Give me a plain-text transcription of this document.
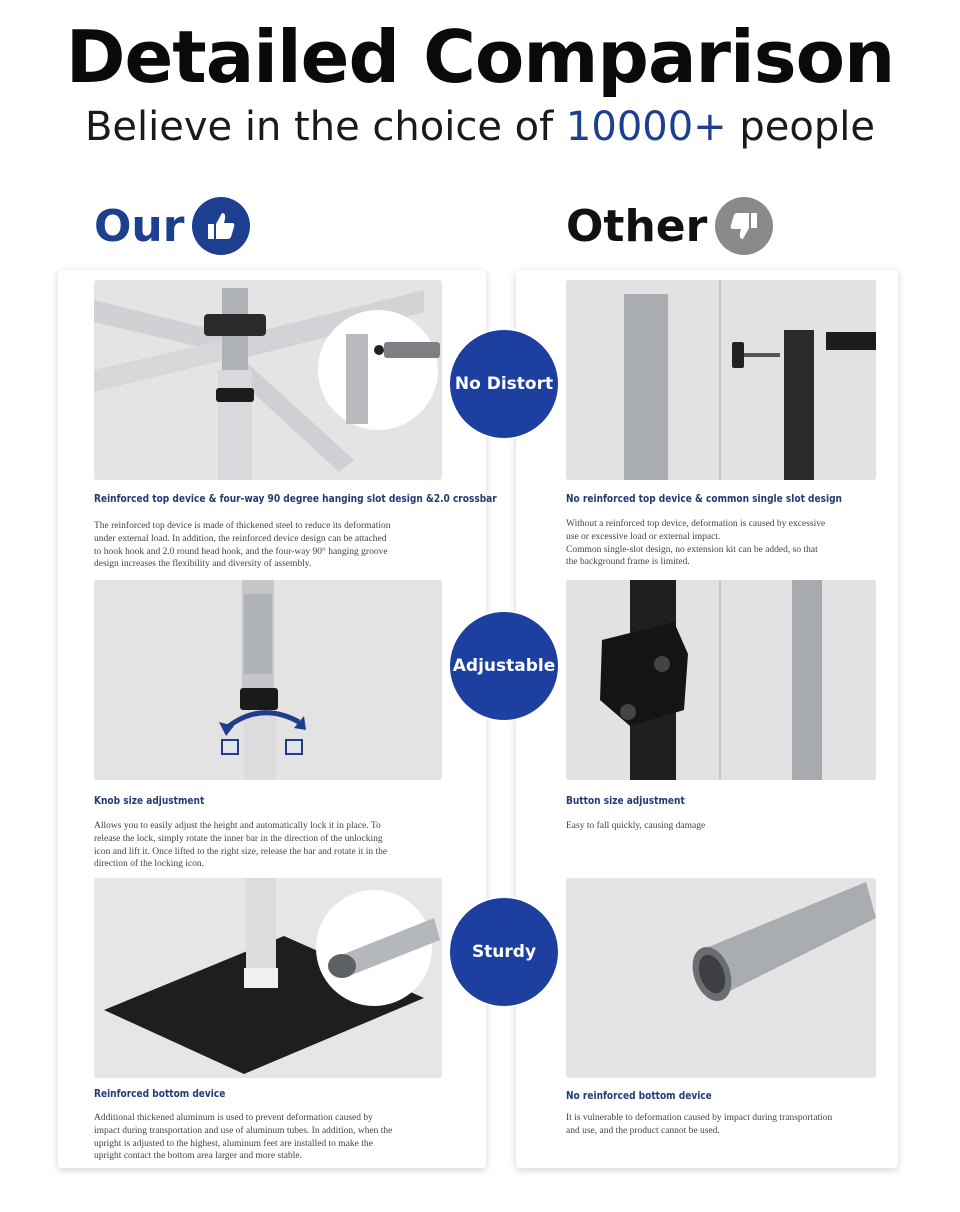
Detailed Comparison
Believe in the choice of 10000+ people
Our	Other
Reinforced top device & four-way 90 degree hanging slot design &2.0 crossbar
The reinforced top device is made of thickened steel to reduce its deformation
under external load. In addition, the reinforced device design can be attached
to hook hook and 2.0 round head hook, and the four-way 90° hanging groove
design increases the flexibility and diversity of assembly.
Knob size adjustment
Allows you to easily adjust the height and automatically lock it in place. To
release the lock, simply rotate the inner bar in the direction of the unlocking
icon and lift it. Once lifted to the right size, release the bar and rotate it in the
direction of the locking icon.
Reinforced bottom device
Additional thickened aluminum is used to prevent deformation caused by
impact during transportation and use of aluminum tubes. In addition, when the
upright is adjusted to the highest, aluminum feet are installed to make the
upright contact the bottom area larger and more stable.
No reinforced top device & common single slot design
Without a reinforced top device, deformation is caused by excessive
use or excessive load or external impact.
Common single-slot design, no extension kit can be added, so that
the background frame is limited.
Button size adjustment
Easy to fall quickly, causing damage
No reinforced bottom device
It is vulnerable to deformation caused by impact during transportation
and use, and the product cannot be used.
No Distort
Adjustable
Sturdy
